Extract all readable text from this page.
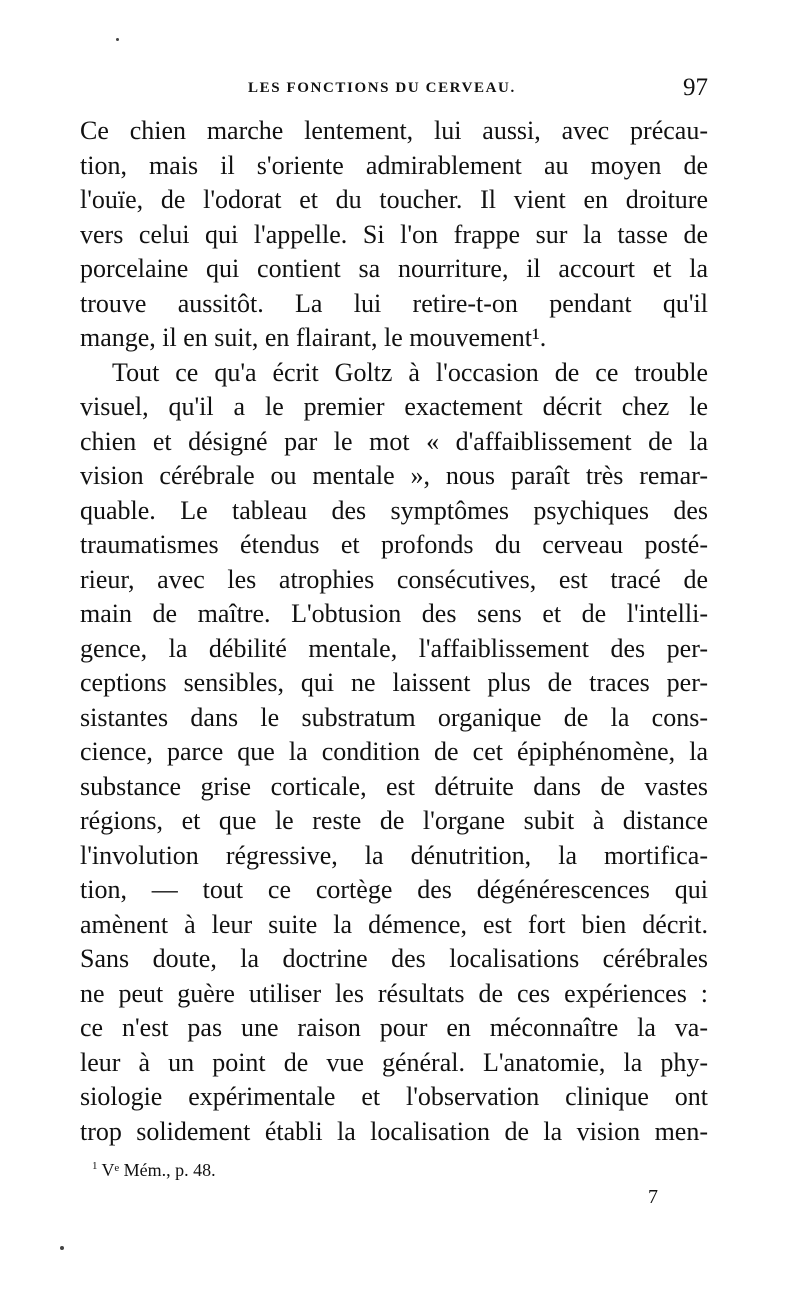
LES FONCTIONS DU CERVEAU.	97
Ce chien marche lentement, lui aussi, avec précau-
tion, mais il s'oriente admirablement au moyen de
l'ouïe, de l'odorat et du toucher. Il vient en droiture
vers celui qui l'appelle. Si l'on frappe sur la tasse de
porcelaine qui contient sa nourriture, il accourt et la
trouve aussitôt. La lui retire-t-on pendant qu'il
mange, il en suit, en flairant, le mouvement¹.
Tout ce qu'a écrit Goltz à l'occasion de ce trouble
visuel, qu'il a le premier exactement décrit chez le
chien et désigné par le mot « d'affaiblissement de la
vision cérébrale ou mentale », nous paraît très remar-
quable. Le tableau des symptômes psychiques des
traumatismes étendus et profonds du cerveau posté-
rieur, avec les atrophies consécutives, est tracé de
main de maître. L'obtusion des sens et de l'intelli-
gence, la débilité mentale, l'affaiblissement des per-
ceptions sensibles, qui ne laissent plus de traces per-
sistantes dans le substratum organique de la cons-
cience, parce que la condition de cet épiphénomène, la
substance grise corticale, est détruite dans de vastes
régions, et que le reste de l'organe subit à distance
l'involution régressive, la dénutrition, la mortifica-
tion, — tout ce cortège des dégénérescences qui
amènent à leur suite la démence, est fort bien décrit.
Sans doute, la doctrine des localisations cérébrales
ne peut guère utiliser les résultats de ces expériences :
ce n'est pas une raison pour en méconnaître la va-
leur à un point de vue général. L'anatomie, la phy-
siologie expérimentale et l'observation clinique ont
trop solidement établi la localisation de la vision men-
$^1$ Vᵉ Mém., p. 48.
7
